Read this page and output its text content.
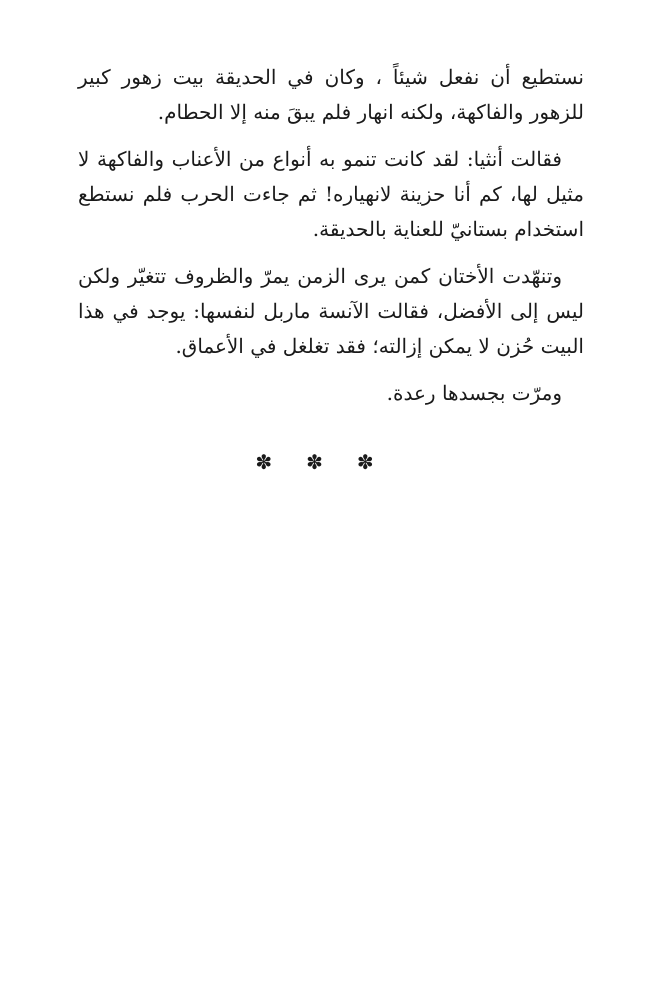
نستطيع أن نفعل شيئاً ، وكان في الحديقة بيت زهور كبير للزهور والفاكهة، ولكنه انهار فلم يبقَ منه إلا الحطام.

فقالت أنثيا: لقد كانت تنمو به أنواع من الأعناب والفاكهة لا مثيل لها، كم أنا حزينة لانهياره! ثم جاءت الحرب فلم نستطع استخدام بستانيّ للعناية بالحديقة.

وتنهّدت الأختان كمن يرى الزمن يمرّ والظروف تتغيّر ولكن ليس إلى الأفضل، فقالت الآنسة ماربل لنفسها: يوجد في هذا البيت حُزن لا يمكن إزالته؛ فقد تغلغل في الأعماق.

ومرّت بجسدها رعدة.

✽ ✽ ✽
